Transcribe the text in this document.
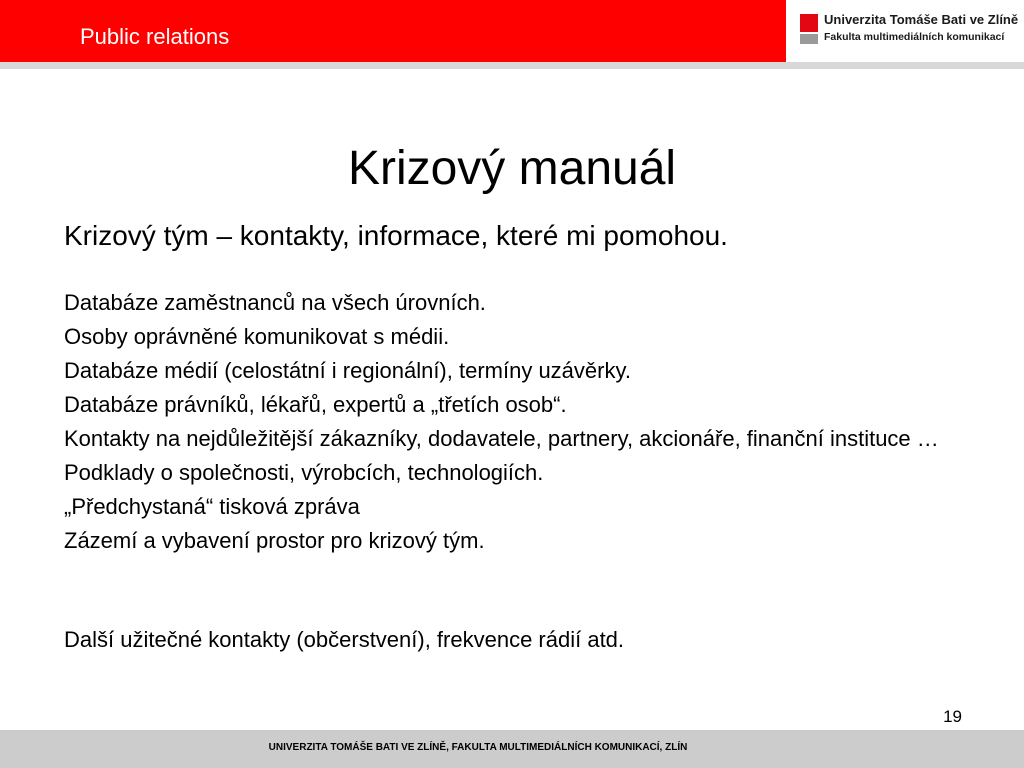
Public relations
Univerzita Tomáše Bati ve Zlíně
Fakulta multimediálních komunikací
Krizový manuál
Krizový tým – kontakty, informace, které mi pomohou.
Databáze zaměstnanců na všech úrovních.
Osoby oprávněné komunikovat s médii.
Databáze médií (celostátní i regionální), termíny uzávěrky.
Databáze právníků, lékařů, expertů a „třetích osob“.
Kontakty na nejdůležitější zákazníky, dodavatele, partnery, akcionáře, finanční instituce …
Podklady o společnosti, výrobcích, technologiích.
„Předchystaná“ tisková zpráva
Zázemí a vybavení prostor pro krizový tým.
Další užitečné kontakty (občerstvení), frekvence rádií atd.
19
UNIVERZITA TOMÁŠE BATI VE ZLÍNĚ, FAKULTA MULTIMEDIÁLNÍCH KOMUNIKACÍ, ZLÍN
